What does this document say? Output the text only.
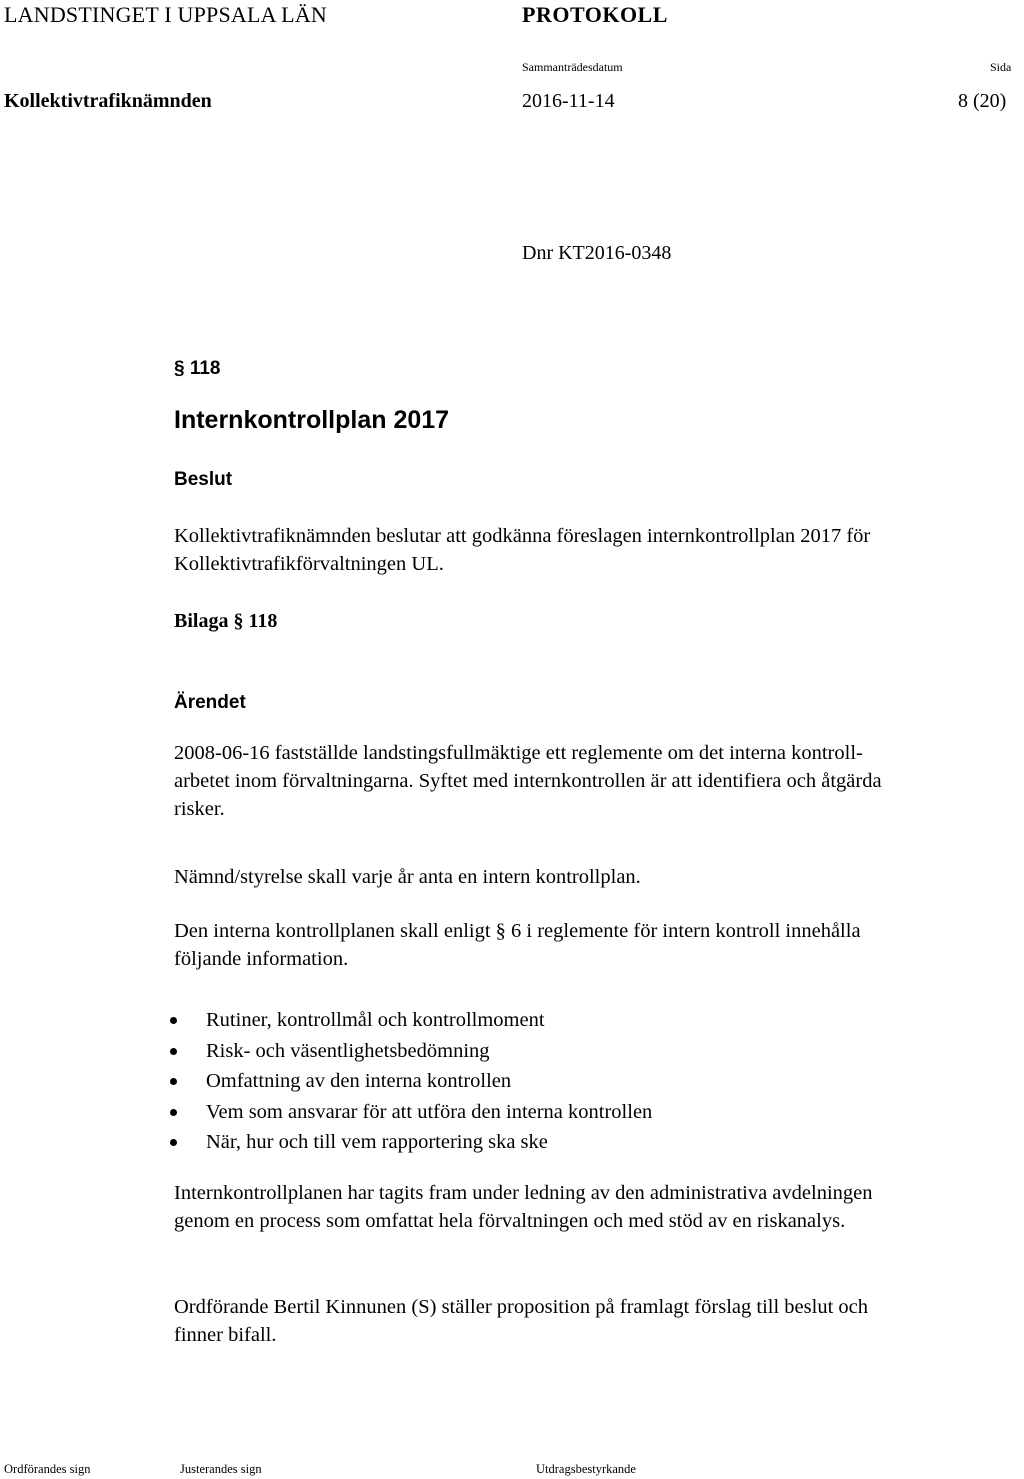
LANDSTINGET I UPPSALA LÄN	PROTOKOLL
Sammanträdesdatum	Sida
Kollektivtrafiknämnden	2016-11-14	8 (20)
Dnr KT2016-0348
§ 118
Internkontrollplan 2017
Beslut
Kollektivtrafiknämnden beslutar att godkänna föreslagen internkontrollplan 2017 för
Kollektivtrafikförvaltningen UL.
Bilaga § 118
Ärendet
2008-06-16 fastställde landstingsfullmäktige ett reglemente om det interna kontroll-
arbetet inom förvaltningarna. Syftet med internkontrollen är att identifiera och åtgärda
risker.
Nämnd/styrelse skall varje år anta en intern kontrollplan.
Den interna kontrollplanen skall enligt § 6 i reglemente för intern kontroll innehålla
följande information.
Rutiner, kontrollmål och kontrollmoment
Risk- och väsentlighetsbedömning
Omfattning av den interna kontrollen
Vem som ansvarar för att utföra den interna kontrollen
När, hur och till vem rapportering ska ske
Internkontrollplanen har tagits fram under ledning av den administrativa avdelningen
genom en process som omfattat hela förvaltningen och med stöd av en riskanalys.
Ordförande Bertil Kinnunen (S) ställer proposition på framlagt förslag till beslut och
finner bifall.
Ordförandes sign	Justerandes sign	Utdragsbestyrkande
